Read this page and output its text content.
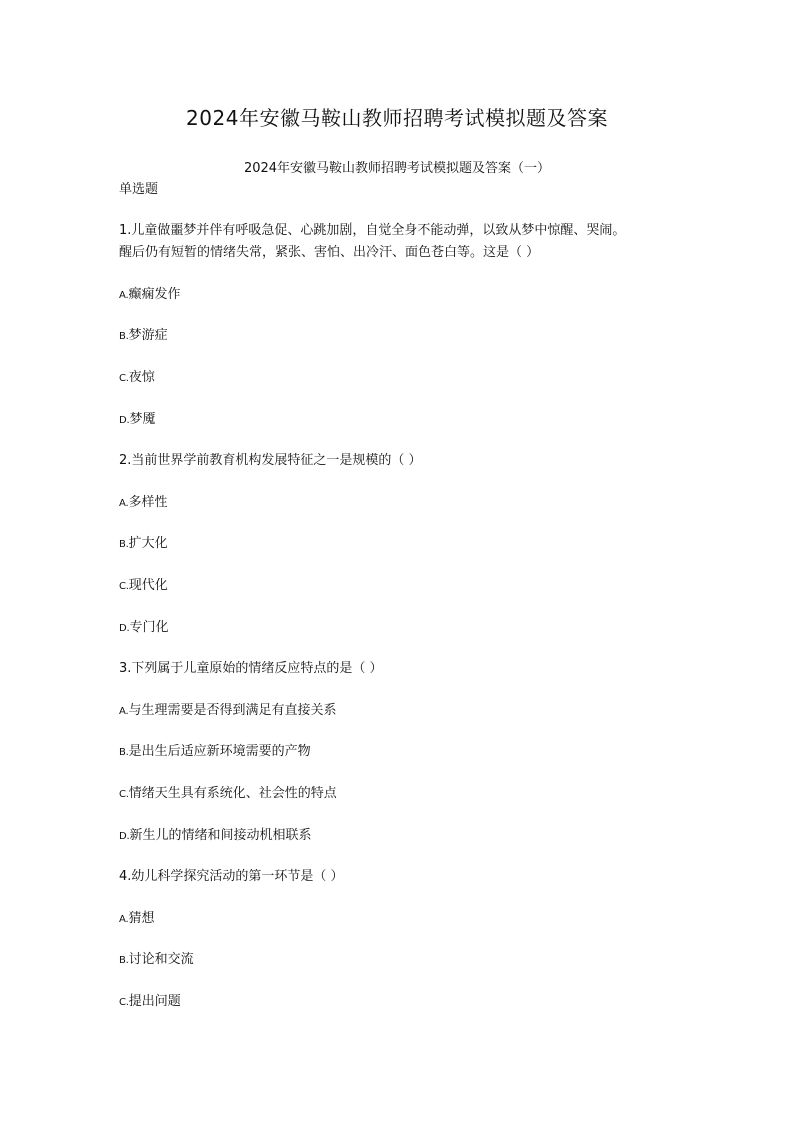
2024年安徽马鞍山教师招聘考试模拟题及答案
2024年安徽马鞍山教师招聘考试模拟题及答案（一）
单选题
1.儿童做噩梦并伴有呼吸急促、心跳加剧，自觉全身不能动弹，以致从梦中惊醒、哭闹。
醒后仍有短暂的情绪失常，紧张、害怕、出冷汗、面色苍白等。这是（ ）
A.癫痫发作
B.梦游症
C.夜惊
D.梦魇
2.当前世界学前教育机构发展特征之一是规模的（ ）
A.多样性
B.扩大化
C.现代化
D.专门化
3.下列属于儿童原始的情绪反应特点的是（ ）
A.与生理需要是否得到满足有直接关系
B.是出生后适应新环境需要的产物
C.情绪天生具有系统化、社会性的特点
D.新生儿的情绪和间接动机相联系
4.幼儿科学探究活动的第一环节是（ ）
A.猜想
B.讨论和交流
C.提出问题
